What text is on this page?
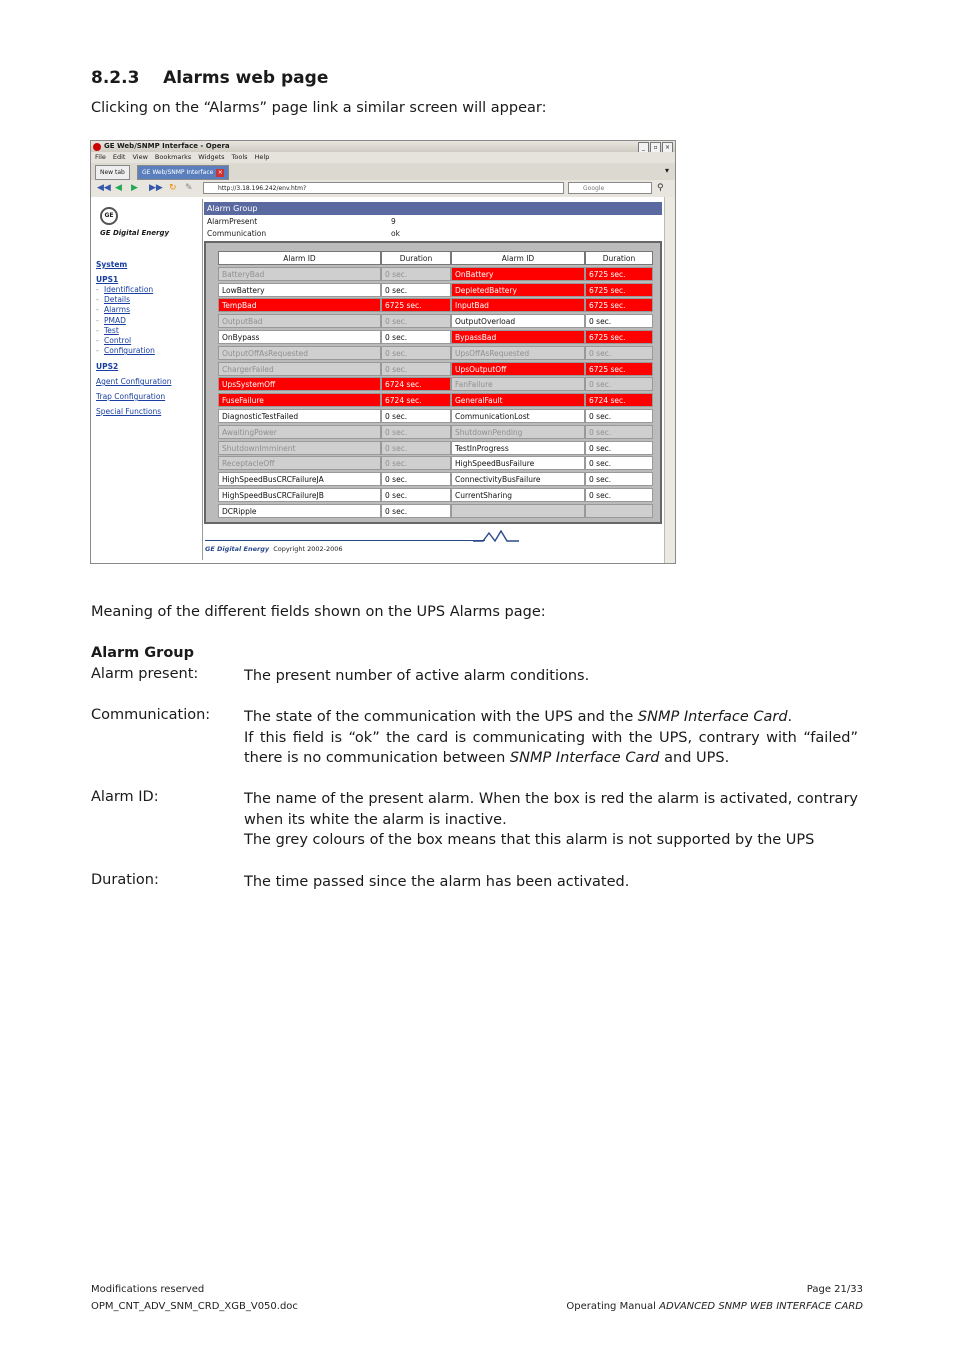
8.2.3 Alarms web page
Clicking on the “Alarms” page link a similar screen will appear:
GE Web/SNMP Interface - Opera	_	▫	×
File Edit View Bookmarks Widgets Tools Help
New tab	GE Web/SNMP Interface ×	▾
◀◀ ◀ ▶ ▶▶ ↻ ✎	http://3.18.196.242/env.htm?	Google	⚲
GE
GE Digital Energy
System
UPS1
- Identification
- Details
- Alarms
- PMAD
- Test
- Control
- Configuration
UPS2
Agent Configuration
Trap Configuration
Special Functions
Alarm Group
AlarmPresent	9
Communication	ok
Alarm ID	Duration	Alarm ID	Duration
BatteryBad	0 sec.	OnBattery	6725 sec.
LowBattery	0 sec.	DepletedBattery	6725 sec.
TempBad	6725 sec.	InputBad	6725 sec.
OutputBad	0 sec.	OutputOverload	0 sec.
OnBypass	0 sec.	BypassBad	6725 sec.
OutputOffAsRequested	0 sec.	UpsOffAsRequested	0 sec.
ChargerFailed	0 sec.	UpsOutputOff	6725 sec.
UpsSystemOff	6724 sec.	FanFailure	0 sec.
FuseFailure	6724 sec.	GeneralFault	6724 sec.
DiagnosticTestFailed	0 sec.	CommunicationLost	0 sec.
AwaitingPower	0 sec.	ShutdownPending	0 sec.
ShutdownImminent	0 sec.	TestInProgress	0 sec.
ReceptacleOff	0 sec.	HighSpeedBusFailure	0 sec.
HighSpeedBusCRCFailureJA	0 sec.	ConnectivityBusFailure	0 sec.
HighSpeedBusCRCFailureJB	0 sec.	CurrentSharing	0 sec.
DCRipple	0 sec.
GE Digital Energy Copyright 2002-2006
Meaning of the different fields shown on the UPS Alarms page:
Alarm Group
Alarm present:	The present number of active alarm conditions.
Communication: The state of the communication with the UPS and the SNMP Interface Card.

If this field is “ok” the card is communicating with the UPS, contrary with “failed” there is no communication between SNMP Interface Card and UPS.

Alarm ID:	The name of the present alarm. When the box is red the alarm is activated, contrary when its white the alarm is inactive.

The grey colours of the box means that this alarm is not supported by the UPS

Duration:	The time passed since the alarm has been activated.
Modifications reserved
OPM_CNT_ADV_SNM_CRD_XGB_V050.doc
Page 21/33
Operating Manual ADVANCED SNMP WEB INTERFACE CARD
